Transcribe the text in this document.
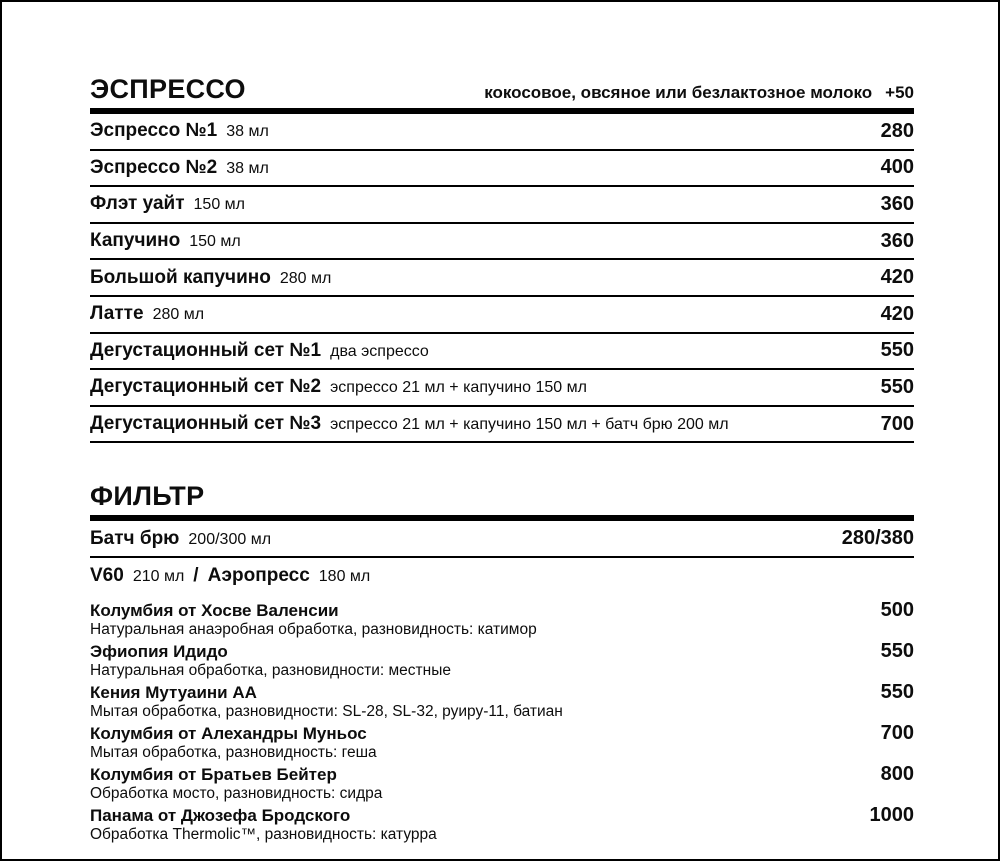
ЭСПРЕССО	кокосовое, овсяное или безлактозное молоко +50
Эспрессо №1 38 мл	280
Эспрессо №2 38 мл	400
Флэт уайт 150 мл	360
Капучино 150 мл	360
Большой капучино 280 мл	420
Латте 280 мл	420
Дегустационный сет №1 два эспрессо	550
Дегустационный сет №2 эспрессо 21 мл + капучино 150 мл	550
Дегустационный сет №3 эспрессо 21 мл + капучино 150 мл + батч брю 200 мл	700
ФИЛЬТР
Батч брю 200/300 мл	280/380
V60 210 мл / Аэропресс 180 мл
Колумбия от Хосве Валенсии	500
Натуральная анаэробная обработка, разновидность: катимор
Эфиопия Идидо	550
Натуральная обработка, разновидности: местные
Кения Мутуаини АА	550
Мытая обработка, разновидности: SL-28, SL-32, руиру-11, батиан
Колумбия от Алехандры Муньос	700
Мытая обработка, разновидность: геша
Колумбия от Братьев Бейтер	800
Обработка мосто, разновидность: сидра
Панама от Джозефа Бродского	1000
Обработка Thermolic™, разновидность: катурра
